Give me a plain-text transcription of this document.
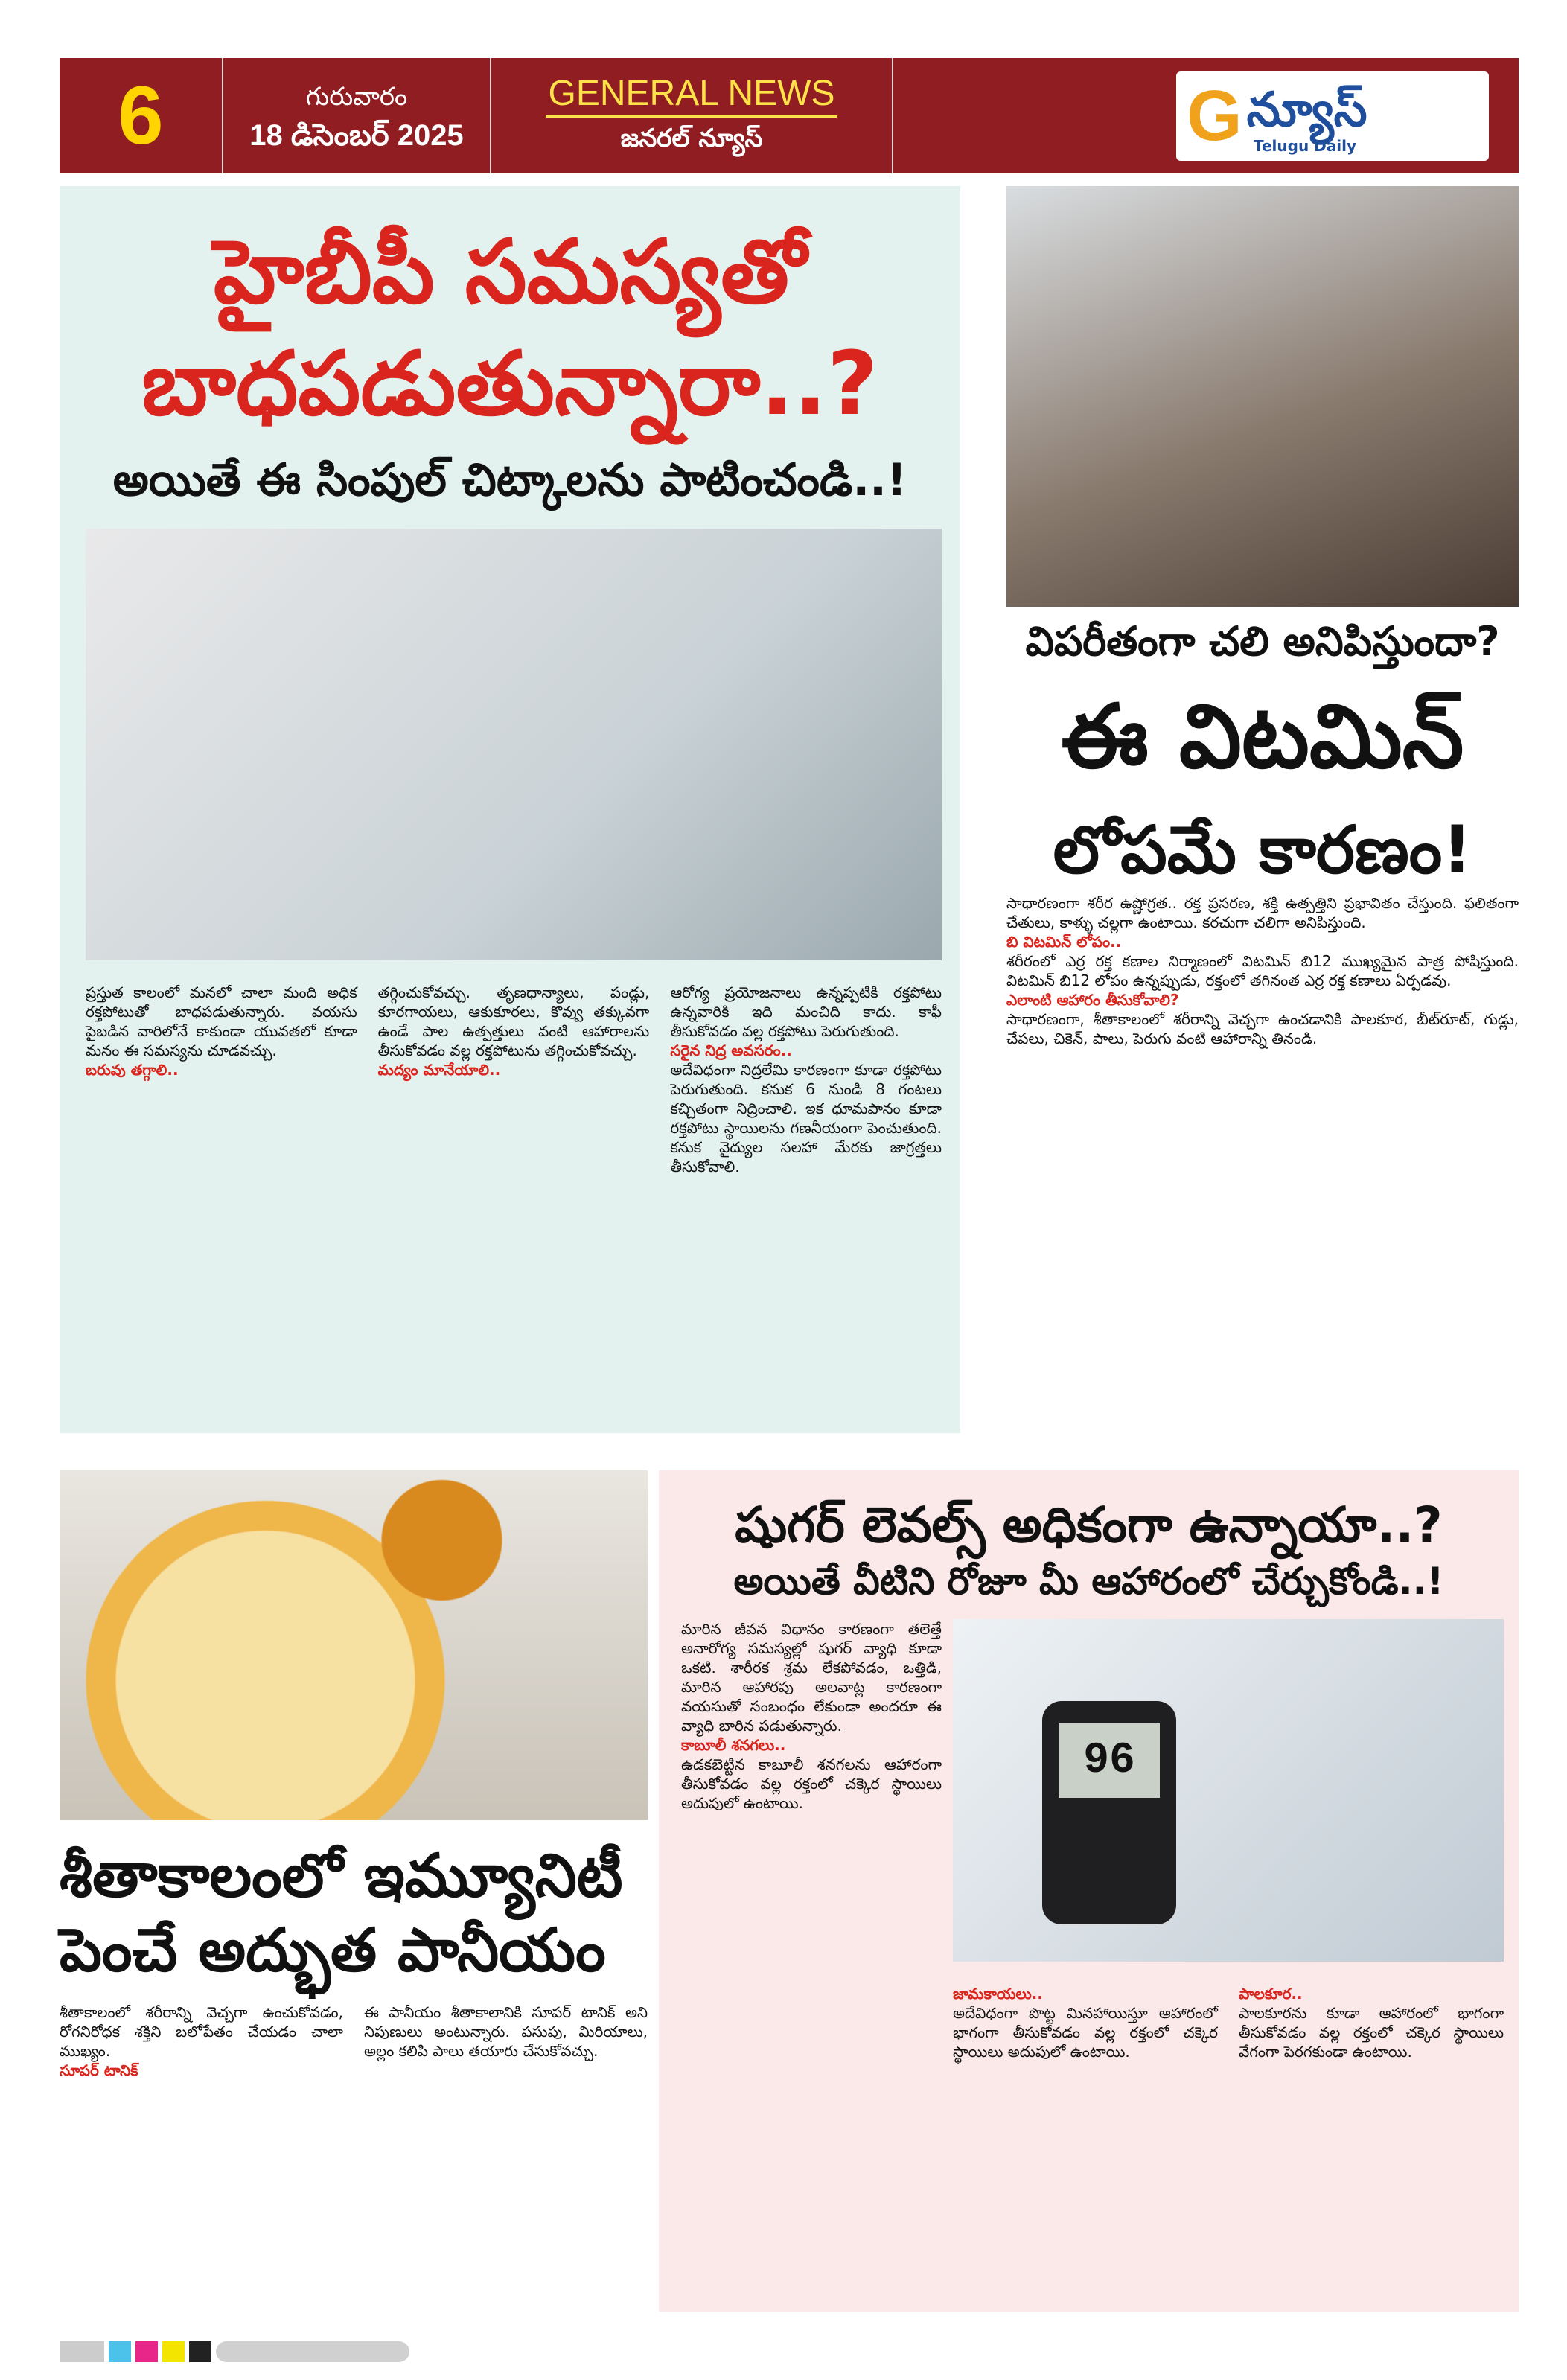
6	గురువారం
18 డిసెంబర్ 2025
GENERAL NEWS
జనరల్ న్యూస్	G న్యూస్
Telugu Daily
హైబీపీ సమస్యతో
బాధపడుతున్నారా..?
అయితే ఈ సింపుల్ చిట్కాలను పాటించండి..!

ప్రస్తుత కాలంలో మనలో చాలా మంది అధిక రక్తపోటుతో బాధపడుతున్నారు. వయసు పైబడిన వారిలోనే కాకుండా యువతలో కూడా మనం ఈ సమస్యను చూడవచ్చు.

బరువు తగ్గాలి..

తగ్గించుకోవచ్చు. తృణధాన్యాలు, పండ్లు, కూరగాయలు, ఆకుకూరలు, కొవ్వు తక్కువగా ఉండే పాల ఉత్పత్తులు వంటి ఆహారాలను తీసుకోవడం వల్ల రక్తపోటును తగ్గించుకోవచ్చు.

మద్యం మానేయాలి..

ఆరోగ్య ప్రయోజనాలు ఉన్నప్పటికి రక్తపోటు ఉన్నవారికి ఇది మంచిది కాదు. కాఫీ తీసుకోవడం వల్ల రక్తపోటు పెరుగుతుంది.

సరైన నిద్ర అవసరం..

అదేవిధంగా నిద్రలేమి కారణంగా కూడా రక్తపోటు పెరుగుతుంది. కనుక 6 నుండి 8 గంటలు కచ్చితంగా నిద్రించాలి. ఇక ధూమపానం కూడా రక్తపోటు స్థాయిలను గణనీయంగా పెంచుతుంది. కనుక వైద్యుల సలహా మేరకు జాగ్రత్తలు తీసుకోవాలి.

విపరీతంగా చలి అనిపిస్తుందా?
ఈ విటమిన్
లోపమే కారణం!

సాధారణంగా శరీర ఉష్ణోగ్రత.. రక్త ప్రసరణ, శక్తి ఉత్పత్తిని ప్రభావితం చేస్తుంది. ఫలితంగా చేతులు, కాళ్ళు చల్లగా ఉంటాయి. కరచుగా చలిగా అనిపిస్తుంది.

బి విటమిన్ లోపం..

శరీరంలో ఎర్ర రక్త కణాల నిర్మాణంలో విటమిన్ బి12 ముఖ్యమైన పాత్ర పోషిస్తుంది. విటమిన్ బి12 లోపం ఉన్నప్పుడు, రక్తంలో తగినంత ఎర్ర రక్త కణాలు ఏర్పడవు.

ఎలాంటి ఆహారం తీసుకోవాలి?

సాధారణంగా, శీతాకాలంలో శరీరాన్ని వెచ్చగా ఉంచడానికి పాలకూర, బీట్‌రూట్, గుడ్లు, చేపలు, చికెన్, పాలు, పెరుగు వంటి ఆహారాన్ని తినండి.

శీతాకాలంలో ఇమ్యూనిటీ
పెంచే అద్భుత పానీయం

శీతాకాలంలో శరీరాన్ని వెచ్చగా ఉంచుకోవడం, రోగనిరోధక శక్తిని బలోపేతం చేయడం చాలా ముఖ్యం.

సూపర్ టానిక్

ఈ పానీయం శీతాకాలానికి సూపర్ టానిక్ అని నిపుణులు అంటున్నారు. పసుపు, మిరియాలు, అల్లం కలిపి పాలు తయారు చేసుకోవచ్చు.

షుగర్ లెవల్స్ అధికంగా ఉన్నాయా..?
అయితే వీటిని రోజూ మీ ఆహారంలో చేర్చుకోండి..!
96

మారిన జీవన విధానం కారణంగా తలెత్తే అనారోగ్య సమస్యల్లో షుగర్ వ్యాధి కూడా ఒకటి. శారీరక శ్రమ లేకపోవడం, ఒత్తిడి, మారిన ఆహారపు అలవాట్ల కారణంగా వయసుతో సంబంధం లేకుండా అందరూ ఈ వ్యాధి బారిన పడుతున్నారు.

కాబూలీ శనగలు..

ఉడకబెట్టిన కాబూలీ శనగలను ఆహారంగా తీసుకోవడం వల్ల రక్తంలో చక్కెర స్థాయిలు అదుపులో ఉంటాయి.

జామకాయలు..

అదేవిధంగా పొట్ట మినహాయిస్తూ ఆహారంలో భాగంగా తీసుకోవడం వల్ల రక్తంలో చక్కెర స్థాయిలు అదుపులో ఉంటాయి.

పాలకూర..

పాలకూరను కూడా ఆహారంలో భాగంగా తీసుకోవడం వల్ల రక్తంలో చక్కెర స్థాయిలు వేగంగా పెరగకుండా ఉంటాయి.
